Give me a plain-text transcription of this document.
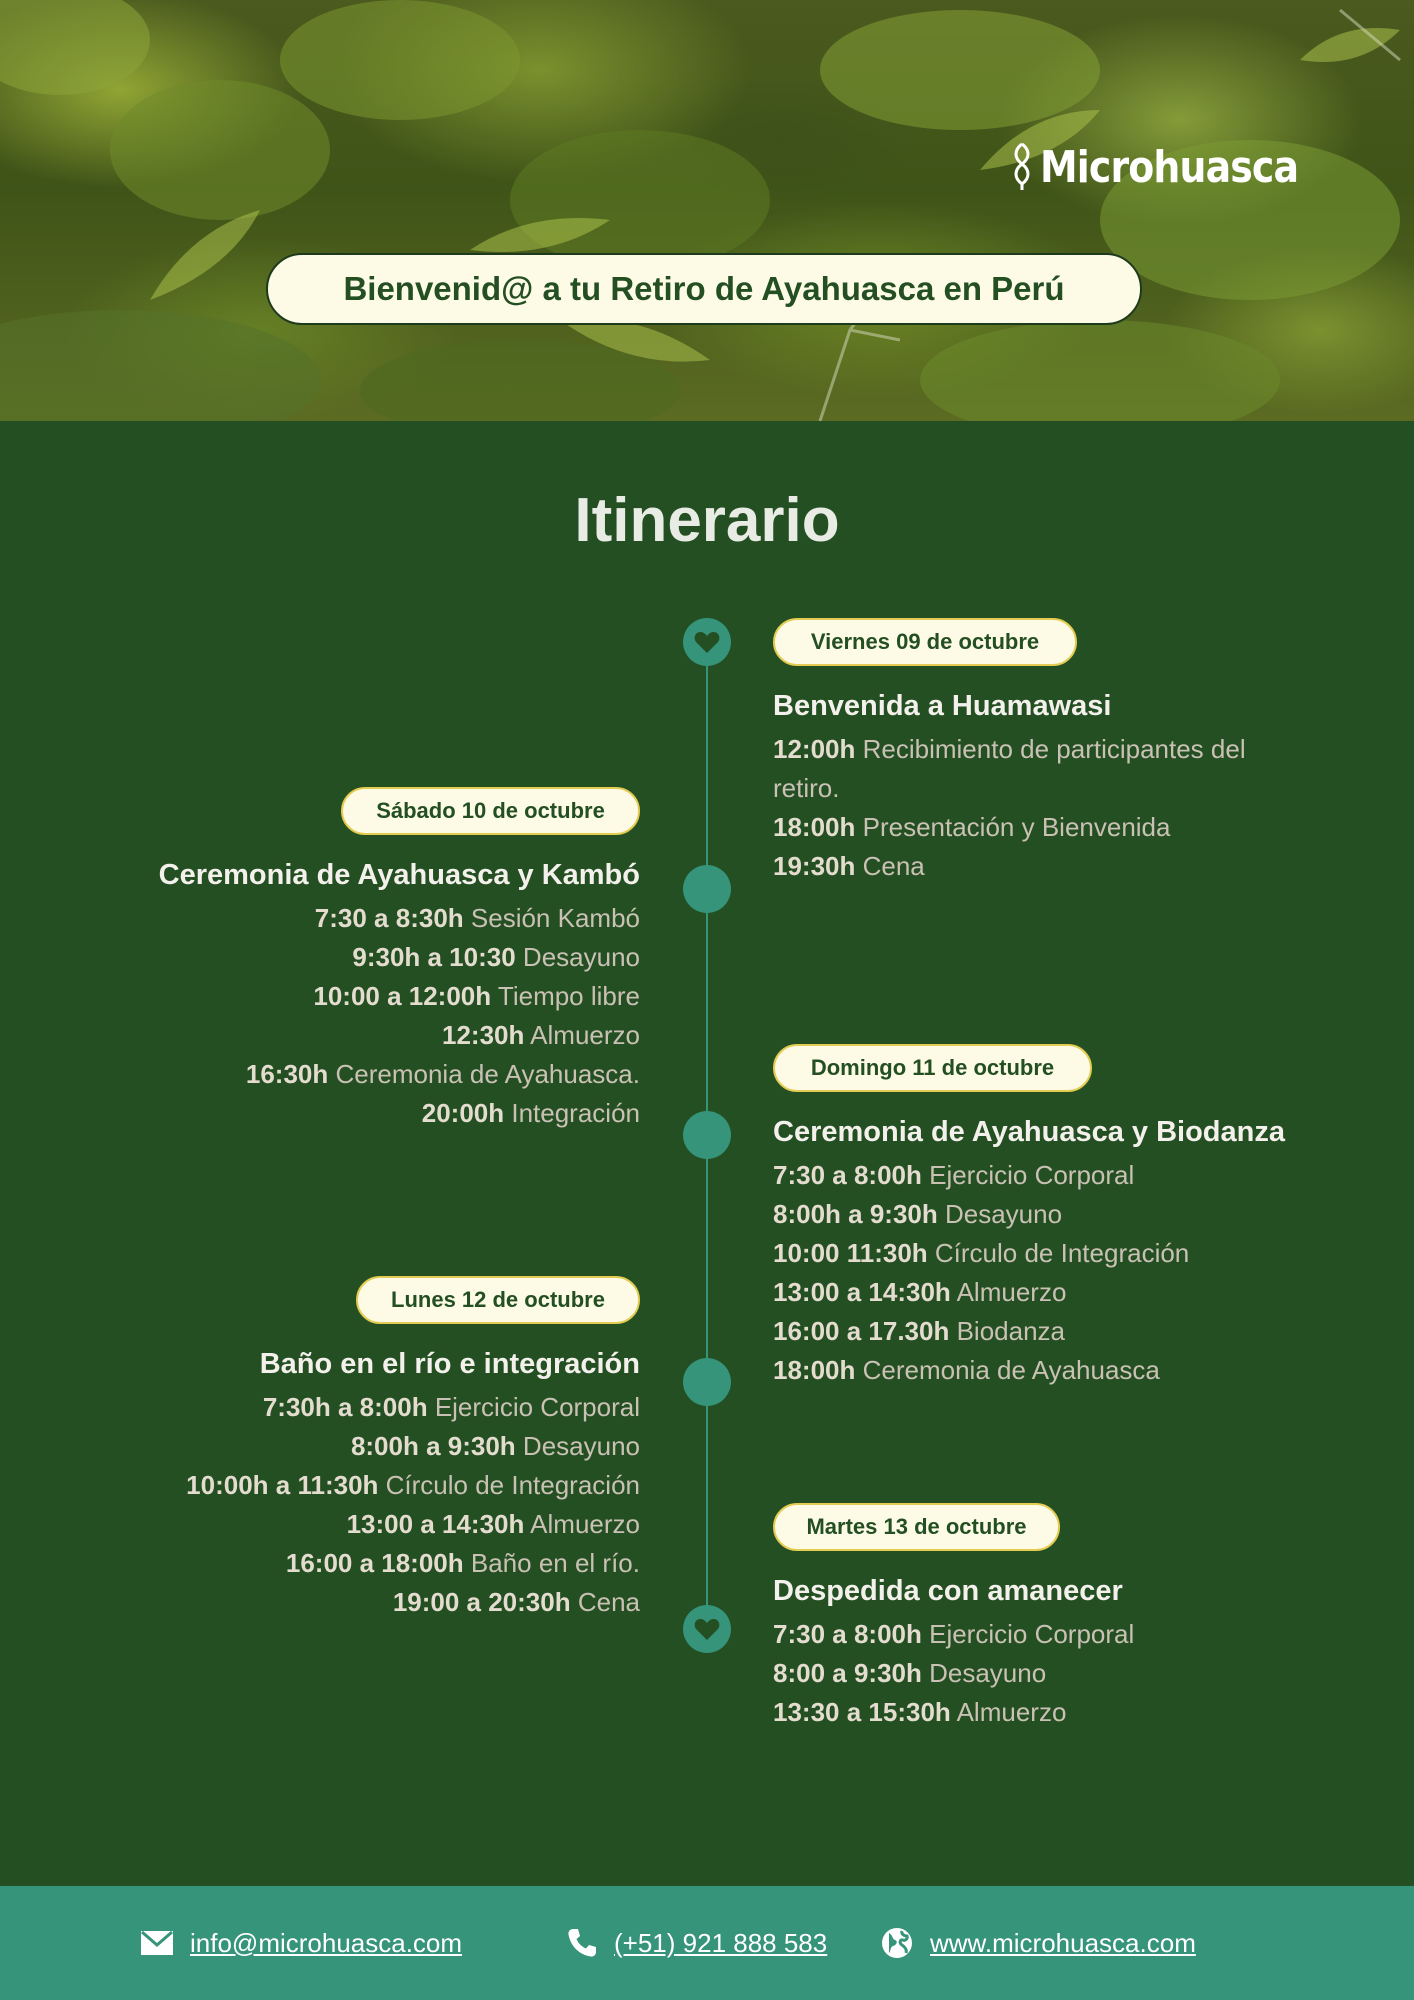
Microhuasca
Bienvenid@ a tu Retiro de Ayahuasca en Perú
Itinerario
Viernes 09 de octubre
Benvenida a Huamawasi
12:00h Recibimiento de participantes del retiro.
18:00h Presentación y Bienvenida
19:30h Cena
Sábado 10 de octubre
Ceremonia de Ayahuasca y Kambó
7:30 a 8:30h Sesión Kambó
9:30h a 10:30 Desayuno
10:00 a 12:00h Tiempo libre
12:30h Almuerzo
16:30h Ceremonia de Ayahuasca.
20:00h Integración
Domingo 11 de octubre
Ceremonia de Ayahuasca y Biodanza
7:30 a 8:00h Ejercicio Corporal
8:00h a 9:30h Desayuno
10:00 11:30h Círculo de Integración
13:00 a 14:30h Almuerzo
16:00 a 17.30h Biodanza
18:00h Ceremonia de Ayahuasca
Lunes 12 de octubre
Baño en el río e integración
7:30h a 8:00h Ejercicio Corporal
8:00h a 9:30h Desayuno
10:00h a 11:30h Círculo de Integración
13:00 a 14:30h Almuerzo
16:00 a 18:00h Baño en el río.
19:00 a 20:30h Cena
Martes 13 de octubre
Despedida con amanecer
7:30 a 8:00h Ejercicio Corporal
8:00 a 9:30h Desayuno
13:30 a 15:30h Almuerzo
info@microhuasca.com	(+51) 921 888 583	www.microhuasca.com
